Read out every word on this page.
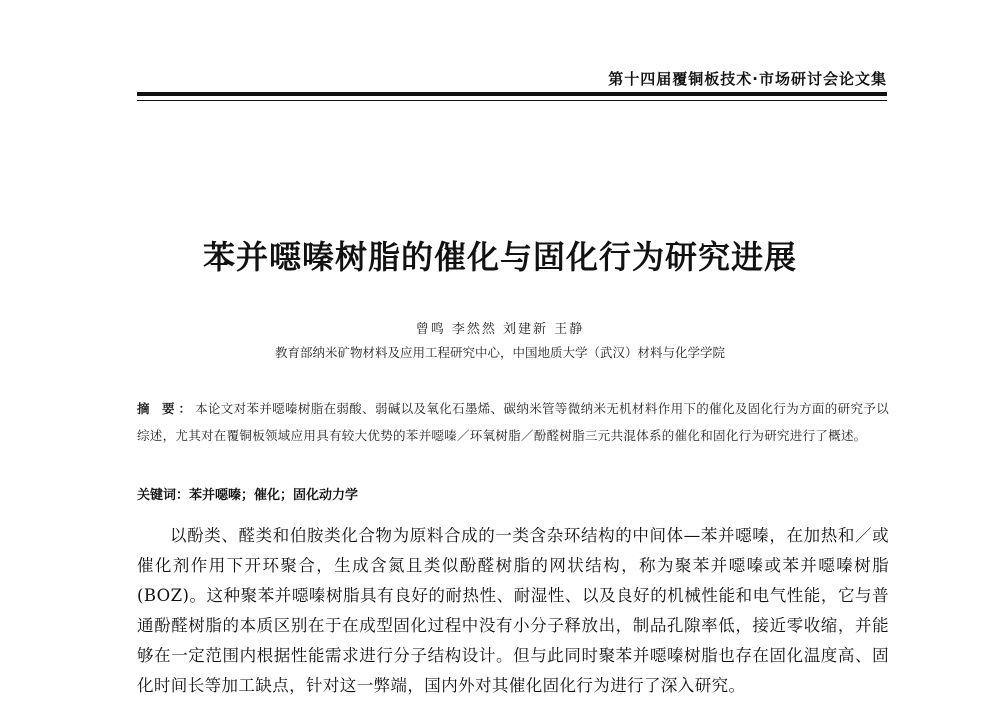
第十四届覆铜板技术·市场研讨会论文集
苯并噁嗪树脂的催化与固化行为研究进展
曾鸣 李然然 刘建新 王静
教育部纳米矿物材料及应用工程研究中心，中国地质大学（武汉）材料与化学学院
摘 要：本论文对苯并噁嗪树脂在弱酸、弱碱以及氧化石墨烯、碳纳米管等微纳米无机材料作用下的催化及固化行为方面的研究予以综述，尤其对在覆铜板领域应用具有较大优势的苯并噁嗪／环氧树脂／酚醛树脂三元共混体系的催化和固化行为研究进行了概述。
关键词：苯并噁嗪；催化；固化动力学
以酚类、醛类和伯胺类化合物为原料合成的一类含杂环结构的中间体—苯并噁嗪，在加热和／或催化剂作用下开环聚合，生成含氮且类似酚醛树脂的网状结构，称为聚苯并噁嗪或苯并噁嗪树脂(BOZ)。这种聚苯并噁嗪树脂具有良好的耐热性、耐湿性、以及良好的机械性能和电气性能，它与普通酚醛树脂的本质区别在于在成型固化过程中没有小分子释放出，制品孔隙率低，接近零收缩，并能够在一定范围内根据性能需求进行分子结构设计。但与此同时聚苯并噁嗪树脂也存在固化温度高、固化时间长等加工缺点，针对这一弊端，国内外对其催化固化行为进行了深入研究。
